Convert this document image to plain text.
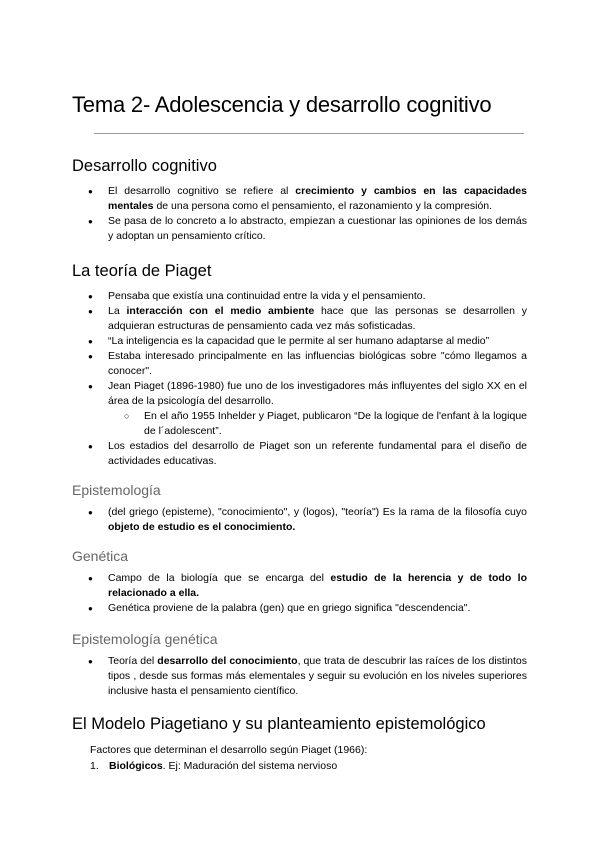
Tema 2- Adolescencia y desarrollo cognitivo
Desarrollo cognitivo
● El desarrollo cognitivo se refiere al crecimiento y cambios en las capacidades mentales de una persona como el pensamiento, el razonamiento y la compresión.
● Se pasa de lo concreto a lo abstracto, empiezan a cuestionar las opiniones de los demás y adoptan un pensamiento crítico.
La teoría de Piaget
● Pensaba que existía una continuidad entre la vida y el pensamiento.
● La interacción con el medio ambiente hace que las personas se desarrollen y adquieran estructuras de pensamiento cada vez más sofisticadas.
● “La inteligencia es la capacidad que le permite al ser humano adaptarse al medio”
● Estaba interesado principalmente en las influencias biológicas sobre "cómo llegamos a conocer".
● Jean Piaget (1896-1980) fue uno de los investigadores más influyentes del siglo XX en el área de la psicología del desarrollo.
○ En el año 1955 Inhelder y Piaget, publicaron “De la logique de l'enfant à la logique de l´adolescent”.
● Los estadios del desarrollo de Piaget son un referente fundamental para el diseño de actividades educativas.
Epistemología
● (del griego (episteme), "conocimiento", y (logos), "teoría") Es la rama de la filosofía cuyo objeto de estudio es el conocimiento.
Genética
● Campo de la biología que se encarga del estudio de la herencia y de todo lo relacionado a ella.
● Genética proviene de la palabra (gen) que en griego significa "descendencia".
Epistemología genética
● Teoría del desarrollo del conocimiento, que trata de descubrir las raíces de los distintos tipos , desde sus formas más elementales y seguir su evolución en los niveles superiores inclusive hasta el pensamiento científico.
El Modelo Piagetiano y su planteamiento epistemológico

Factores que determinan el desarrollo según Piaget (1966):

1. Biológicos. Ej: Maduración del sistema nervioso
